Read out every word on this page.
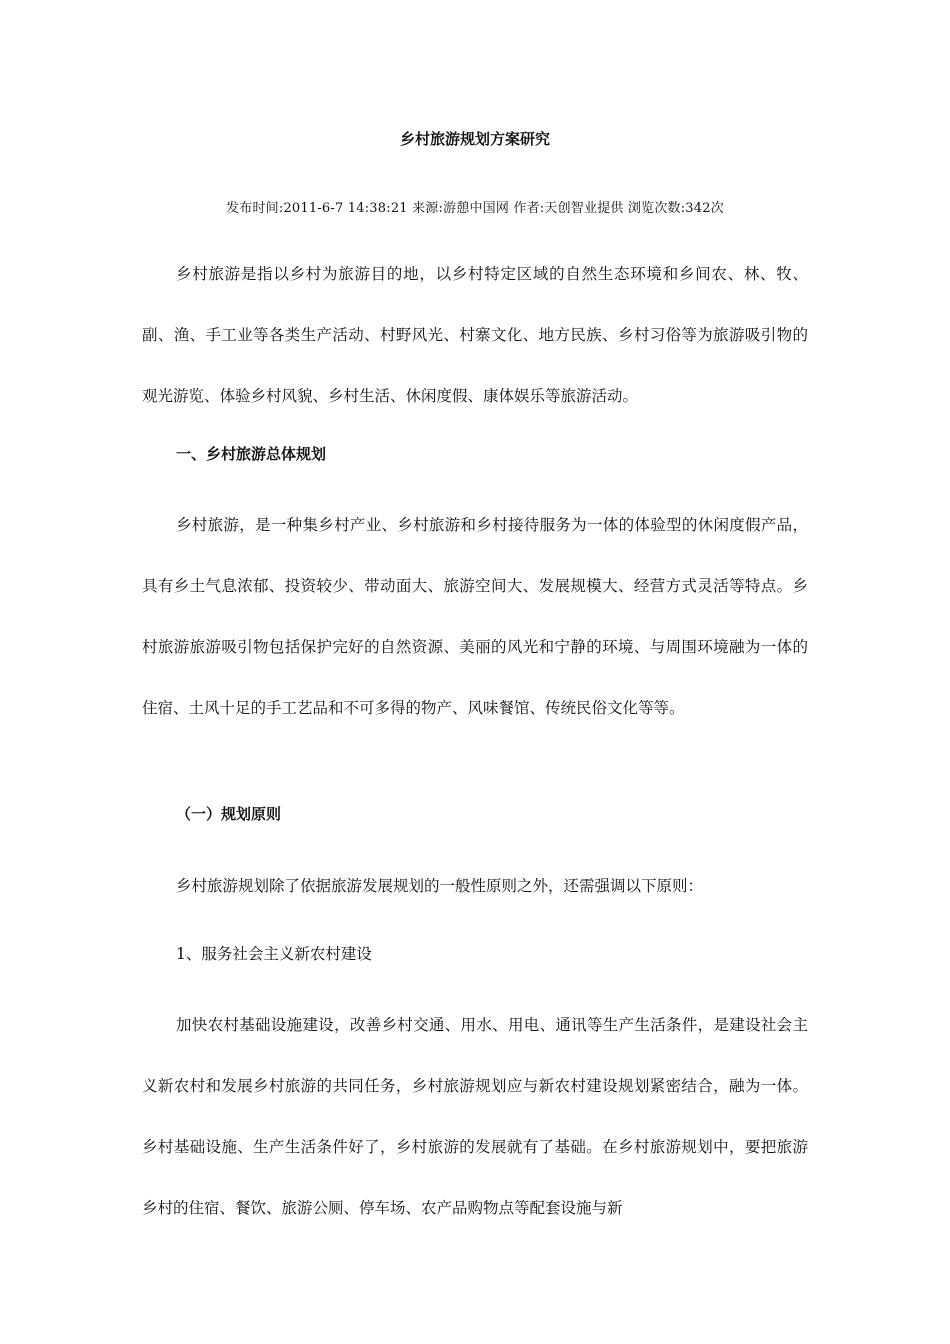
乡村旅游规划方案研究
发布时间:2011-6-7 14:38:21 来源:游憩中国网 作者:天创智业提供 浏览次数:342次

乡村旅游是指以乡村为旅游目的地，以乡村特定区域的自然生态环境和乡间农、林、牧、副、渔、手工业等各类生产活动、村野风光、村寨文化、地方民族、乡村习俗等为旅游吸引物的观光游览、体验乡村风貌、乡村生活、休闲度假、康体娱乐等旅游活动。

一、乡村旅游总体规划

乡村旅游，是一种集乡村产业、乡村旅游和乡村接待服务为一体的体验型的休闲度假产品，具有乡土气息浓郁、投资较少、带动面大、旅游空间大、发展规模大、经营方式灵活等特点。乡村旅游旅游吸引物包括保护完好的自然资源、美丽的风光和宁静的环境、与周围环境融为一体的住宿、土风十足的手工艺品和不可多得的物产、风味餐馆、传统民俗文化等等。

（一）规划原则

乡村旅游规划除了依据旅游发展规划的一般性原则之外，还需强调以下原则：

1、服务社会主义新农村建设

加快农村基础设施建设，改善乡村交通、用水、用电、通讯等生产生活条件，是建设社会主义新农村和发展乡村旅游的共同任务，乡村旅游规划应与新农村建设规划紧密结合，融为一体。乡村基础设施、生产生活条件好了，乡村旅游的发展就有了基础。在乡村旅游规划中，要把旅游乡村的住宿、餐饮、旅游公厕、停车场、农产品购物点等配套设施与新
